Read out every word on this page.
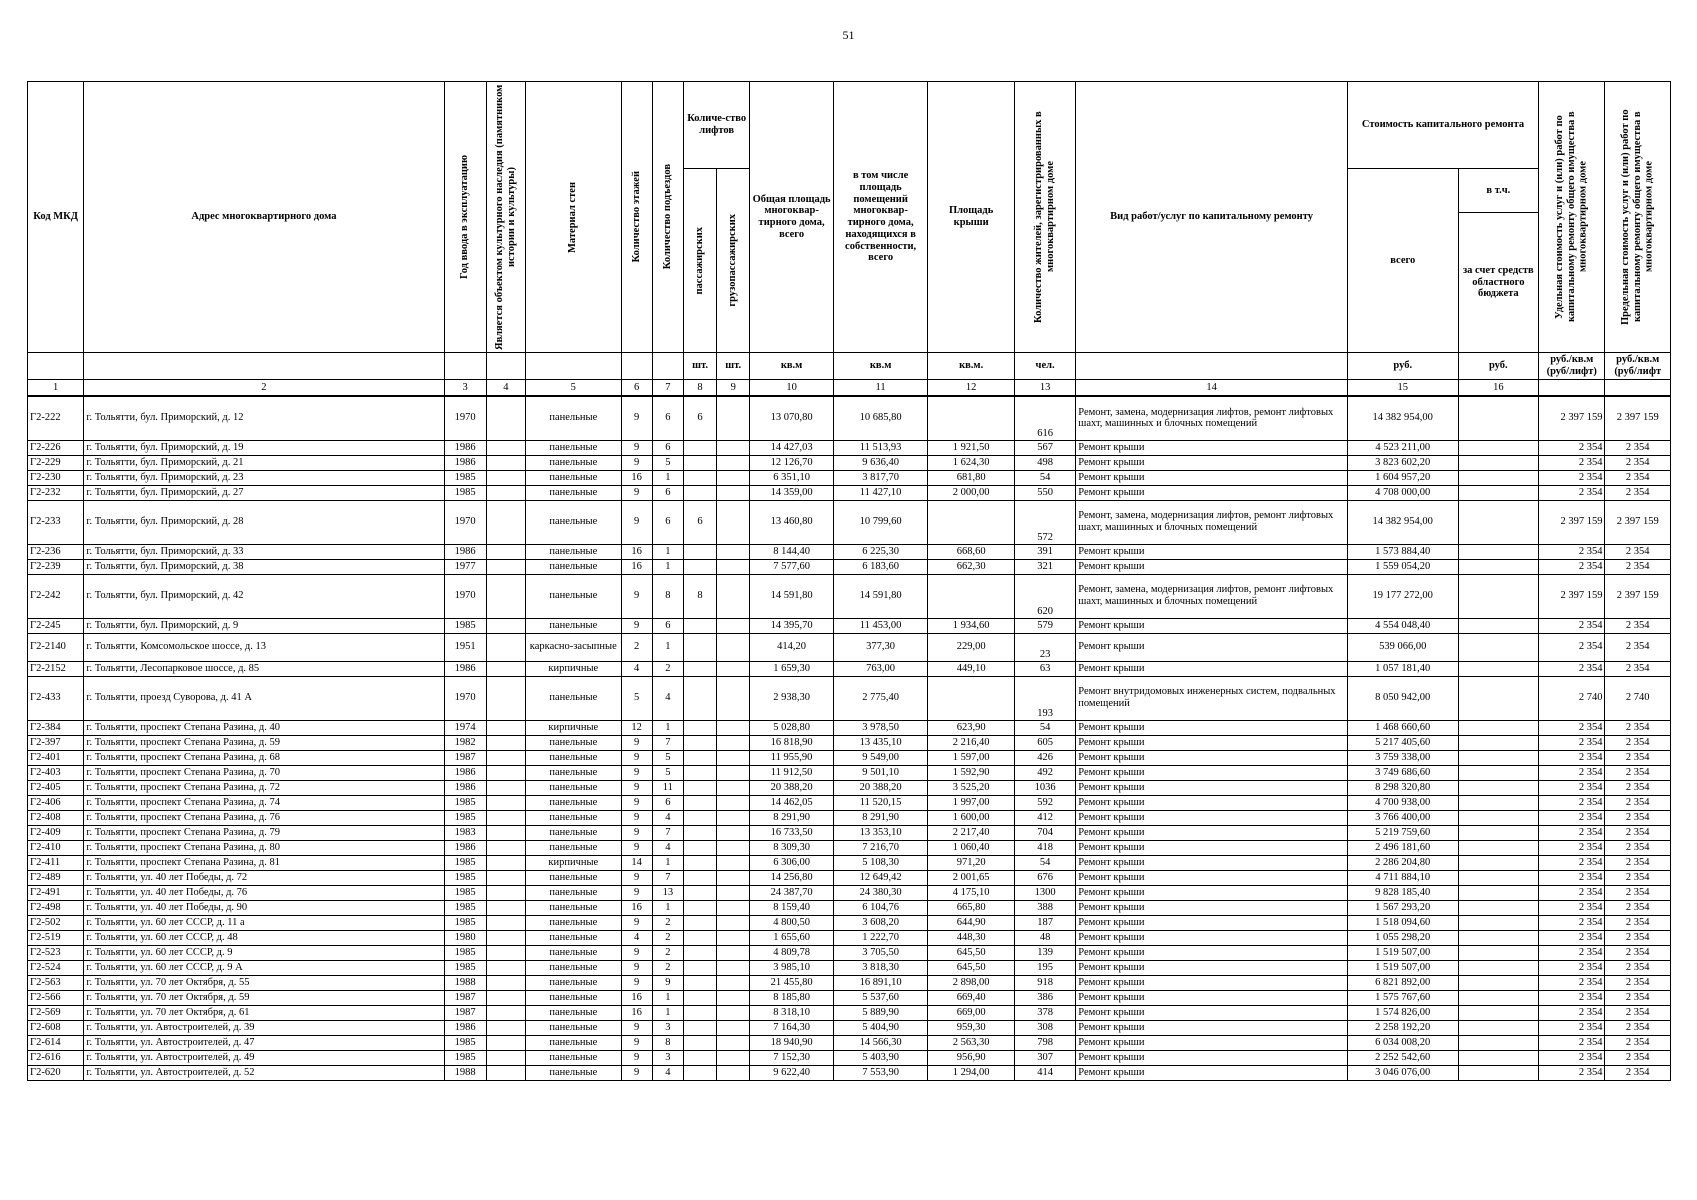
51
Код МКД	Адрес многоквартирного дома	Год ввода в эксплуатацию	Является объектом культурного наследия (памятником истории и культуры)	Материал стен	Количество этажей	Количество подъездов	Количе-ство лифтов		Общая площадь многоквар-тирного дома, всего	в том числе площадь помещений многоквар-тирного дома, находящихся в собственности, всего	Площадь крыши	Количество жителей, зарегистрированных в многоквартирном доме	Вид работ/услуг по капитальному ремонту	Стоимость капитального ремонта		Удельная стоимость услуг и (или) работ по капитальному ремонту общего имущества в многоквартирном доме	Предельная стоимость услуг и (или) работ по капитальному ремонту общего имущества в многоквартирном доме

							пассажирских	грузопассажирских						всего	в т.ч.		
															за счет средств областного бюджета		
							шт.	шт.	кв.м	кв.м	кв.м.	чел.		руб.	руб.	руб./кв.м (руб/лифт)	руб./кв.м (руб/лифт
1	2	3	4	5	6	7	8	9	10	11	12	13	14	15	16		
Г2-222	г. Тольятти, бул. Приморский, д. 12	1970		панельные	9	6	6		13 070,80	10 685,80		616	Ремонт, замена, модернизация лифтов, ремонт лифтовых шахт, машинных и блочных помещений	14 382 954,00		2 397 159	2 397 159
Г2-226	г. Тольятти, бул. Приморский, д. 19	1986		панельные	9	6			14 427,03	11 513,93	1 921,50	567	Ремонт крыши	4 523 211,00		2 354	2 354
Г2-229	г. Тольятти, бул. Приморский, д. 21	1986		панельные	9	5			12 126,70	9 636,40	1 624,30	498	Ремонт крыши	3 823 602,20		2 354	2 354
Г2-230	г. Тольятти, бул. Приморский, д. 23	1985		панельные	16	1			6 351,10	3 817,70	681,80	54	Ремонт крыши	1 604 957,20		2 354	2 354
Г2-232	г. Тольятти, бул. Приморский, д. 27	1985		панельные	9	6			14 359,00	11 427,10	2 000,00	550	Ремонт крыши	4 708 000,00		2 354	2 354
Г2-233	г. Тольятти, бул. Приморский, д. 28	1970		панельные	9	6	6		13 460,80	10 799,60		572	Ремонт, замена, модернизация лифтов, ремонт лифтовых шахт, машинных и блочных помещений	14 382 954,00		2 397 159	2 397 159
Г2-236	г. Тольятти, бул. Приморский, д. 33	1986		панельные	16	1			8 144,40	6 225,30	668,60	391	Ремонт крыши	1 573 884,40		2 354	2 354
Г2-239	г. Тольятти, бул. Приморский, д. 38	1977		панельные	16	1			7 577,60	6 183,60	662,30	321	Ремонт крыши	1 559 054,20		2 354	2 354
Г2-242	г. Тольятти, бул. Приморский, д. 42	1970		панельные	9	8	8		14 591,80	14 591,80		620	Ремонт, замена, модернизация лифтов, ремонт лифтовых шахт, машинных и блочных помещений	19 177 272,00		2 397 159	2 397 159
Г2-245	г. Тольятти, бул. Приморский, д. 9	1985		панельные	9	6			14 395,70	11 453,00	1 934,60	579	Ремонт крыши	4 554 048,40		2 354	2 354
Г2-2140	г. Тольятти, Комсомольское шоссе, д. 13	1951		каркасно-засыпные	2	1			414,20	377,30	229,00	23	Ремонт крыши	539 066,00		2 354	2 354
Г2-2152	г. Тольятти, Лесопарковое шоссе, д. 85	1986		кирпичные	4	2			1 659,30	763,00	449,10	63	Ремонт крыши	1 057 181,40		2 354	2 354
Г2-433	г. Тольятти, проезд Суворова, д. 41 А	1970		панельные	5	4			2 938,30	2 775,40		193	Ремонт внутридомовых инженерных систем, подвальных помещений	8 050 942,00		2 740	2 740
Г2-384	г. Тольятти, проспект Степана Разина, д. 40	1974		кирпичные	12	1			5 028,80	3 978,50	623,90	54	Ремонт крыши	1 468 660,60		2 354	2 354
Г2-397	г. Тольятти, проспект Степана Разина, д. 59	1982		панельные	9	7			16 818,90	13 435,10	2 216,40	605	Ремонт крыши	5 217 405,60		2 354	2 354
Г2-401	г. Тольятти, проспект Степана Разина, д. 68	1987		панельные	9	5			11 955,90	9 549,00	1 597,00	426	Ремонт крыши	3 759 338,00		2 354	2 354
Г2-403	г. Тольятти, проспект Степана Разина, д. 70	1986		панельные	9	5			11 912,50	9 501,10	1 592,90	492	Ремонт крыши	3 749 686,60		2 354	2 354
Г2-405	г. Тольятти, проспект Степана Разина, д. 72	1986		панельные	9	11			20 388,20	20 388,20	3 525,20	1036	Ремонт крыши	8 298 320,80		2 354	2 354
Г2-406	г. Тольятти, проспект Степана Разина, д. 74	1985		панельные	9	6			14 462,05	11 520,15	1 997,00	592	Ремонт крыши	4 700 938,00		2 354	2 354
Г2-408	г. Тольятти, проспект Степана Разина, д. 76	1985		панельные	9	4			8 291,90	8 291,90	1 600,00	412	Ремонт крыши	3 766 400,00		2 354	2 354
Г2-409	г. Тольятти, проспект Степана Разина, д. 79	1983		панельные	9	7			16 733,50	13 353,10	2 217,40	704	Ремонт крыши	5 219 759,60		2 354	2 354
Г2-410	г. Тольятти, проспект Степана Разина, д. 80	1986		панельные	9	4			8 309,30	7 216,70	1 060,40	418	Ремонт крыши	2 496 181,60		2 354	2 354
Г2-411	г. Тольятти, проспект Степана Разина, д. 81	1985		кирпичные	14	1			6 306,00	5 108,30	971,20	54	Ремонт крыши	2 286 204,80		2 354	2 354
Г2-489	г. Тольятти, ул. 40 лет Победы, д. 72	1985		панельные	9	7			14 256,80	12 649,42	2 001,65	676	Ремонт крыши	4 711 884,10		2 354	2 354
Г2-491	г. Тольятти, ул. 40 лет Победы, д. 76	1985		панельные	9	13			24 387,70	24 380,30	4 175,10	1300	Ремонт крыши	9 828 185,40		2 354	2 354
Г2-498	г. Тольятти, ул. 40 лет Победы, д. 90	1985		панельные	16	1			8 159,40	6 104,76	665,80	388	Ремонт крыши	1 567 293,20		2 354	2 354
Г2-502	г. Тольятти, ул. 60 лет СССР, д. 11 а	1985		панельные	9	2			4 800,50	3 608,20	644,90	187	Ремонт крыши	1 518 094,60		2 354	2 354
Г2-519	г. Тольятти, ул. 60 лет СССР, д. 48	1980		панельные	4	2			1 655,60	1 222,70	448,30	48	Ремонт крыши	1 055 298,20		2 354	2 354
Г2-523	г. Тольятти, ул. 60 лет СССР, д. 9	1985		панельные	9	2			4 809,78	3 705,50	645,50	139	Ремонт крыши	1 519 507,00		2 354	2 354
Г2-524	г. Тольятти, ул. 60 лет СССР, д. 9 А	1985		панельные	9	2			3 985,10	3 818,30	645,50	195	Ремонт крыши	1 519 507,00		2 354	2 354
Г2-563	г. Тольятти, ул. 70 лет Октября, д. 55	1988		панельные	9	9			21 455,80	16 891,10	2 898,00	918	Ремонт крыши	6 821 892,00		2 354	2 354
Г2-566	г. Тольятти, ул. 70 лет Октября, д. 59	1987		панельные	16	1			8 185,80	5 537,60	669,40	386	Ремонт крыши	1 575 767,60		2 354	2 354
Г2-569	г. Тольятти, ул. 70 лет Октября, д. 61	1987		панельные	16	1			8 318,10	5 889,90	669,00	378	Ремонт крыши	1 574 826,00		2 354	2 354
Г2-608	г. Тольятти, ул. Автостроителей, д. 39	1986		панельные	9	3			7 164,30	5 404,90	959,30	308	Ремонт крыши	2 258 192,20		2 354	2 354
Г2-614	г. Тольятти, ул. Автостроителей, д. 47	1985		панельные	9	8			18 940,90	14 566,30	2 563,30	798	Ремонт крыши	6 034 008,20		2 354	2 354
Г2-616	г. Тольятти, ул. Автостроителей, д. 49	1985		панельные	9	3			7 152,30	5 403,90	956,90	307	Ремонт крыши	2 252 542,60		2 354	2 354
Г2-620	г. Тольятти, ул. Автостроителей, д. 52	1988		панельные	9	4			9 622,40	7 553,90	1 294,00	414	Ремонт крыши	3 046 076,00		2 354	2 354
